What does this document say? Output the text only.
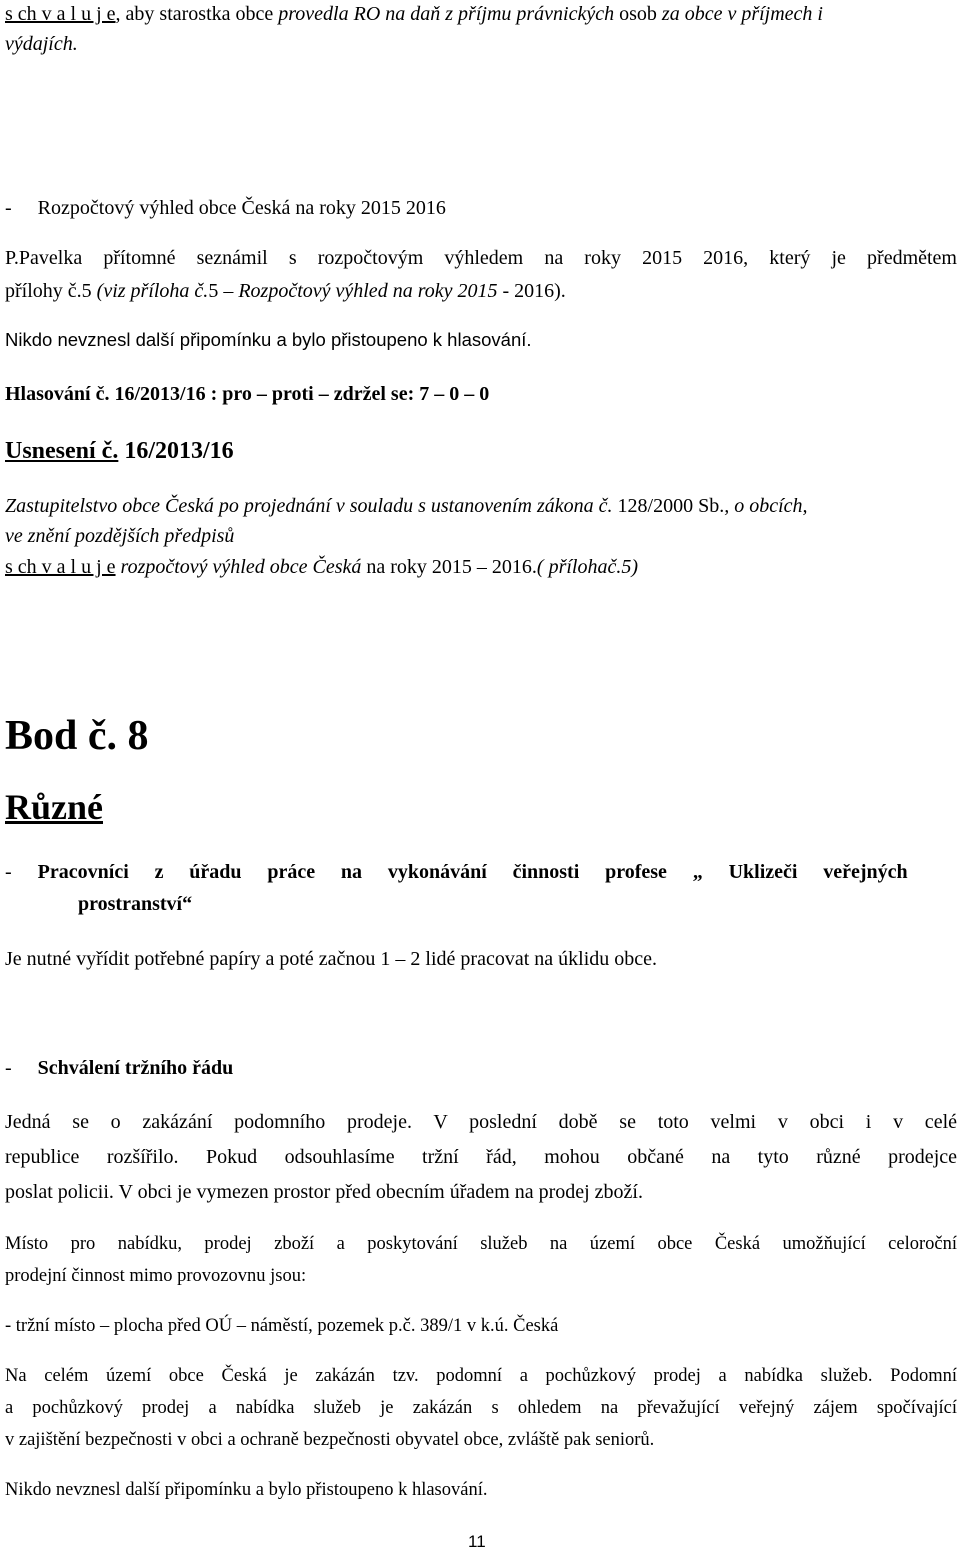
s ch v a l u j e, aby starostka obce provedla RO na daň z příjmu právnických osob za obce v příjmech i
výdajích.
- Rozpočtový výhled obce Česká na roky 2015 2016
P.Pavelka přítomné seznámil s rozpočtovým výhledem na roky 2015 2016, který je předmětem
přílohy č.5 (viz příloha č.5 – Rozpočtový výhled na roky 2015 - 2016).
Nikdo nevznesl další připomínku a bylo přistoupeno k hlasování.
Hlasování č. 16/2013/16 : pro – proti – zdržel se: 7 – 0 – 0
Usnesení č. 16/2013/16
Zastupitelstvo obce Česká po projednání v souladu s ustanovením zákona č. 128/2000 Sb., o obcích,
ve znění pozdějších předpisů
s ch v a l u j e rozpočtový výhled obce Česká na roky 2015 – 2016.( přílohač.5)
Bod č. 8
Různé
- Pracovníci z úřadu práce na vykonávání činnosti profese „ Uklizeči veřejných
prostranství“
Je nutné vyřídit potřebné papíry a poté začnou 1 – 2 lidé pracovat na úklidu obce.
- Schválení tržního řádu
Jedná se o zakázání podomního prodeje. V poslední době se toto velmi v obci i v celé
republice rozšířilo. Pokud odsouhlasíme tržní řád, mohou občané na tyto různé prodejce
poslat policii. V obci je vymezen prostor před obecním úřadem na prodej zboží.
Místo pro nabídku, prodej zboží a poskytování služeb na území obce Česká umožňující celoroční
prodejní činnost mimo provozovnu jsou:
- tržní místo – plocha před OÚ – náměstí, pozemek p.č. 389/1 v k.ú. Česká
Na celém území obce Česká je zakázán tzv. podomní a pochůzkový prodej a nabídka služeb. Podomní
a pochůzkový prodej a nabídka služeb je zakázán s ohledem na převažující veřejný zájem spočívající
v zajištění bezpečnosti v obci a ochraně bezpečnosti obyvatel obce, zvláště pak seniorů.
Nikdo nevznesl další připomínku a bylo přistoupeno k hlasování.
11
